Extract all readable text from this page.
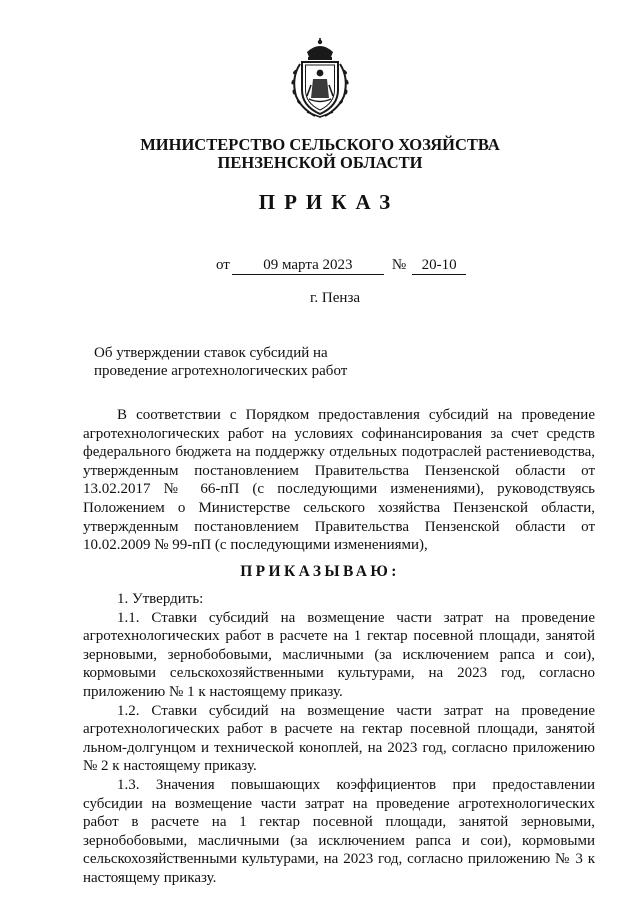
МИНИСТЕРСТВО СЕЛЬСКОГО ХОЗЯЙСТВА
ПЕНЗЕНСКОЙ ОБЛАСТИ
ПРИКАЗ
от 09 марта 2023	№ 20-10
г. Пенза
Об утверждении ставок субсидий на
проведение агротехнологических работ

В соответствии с Порядком предоставления субсидий на проведение агротехнологических работ на условиях софинансирования за счет средств федерального бюджета на поддержку отдельных подотраслей растениеводства, утвержденным постановлением Правительства Пензенской области от 13.02.2017 № 66-пП (с последующими изменениями), руководствуясь Положением о Министерстве сельского хозяйства Пензенской области, утвержденным постановлением Правительства Пензенской области от 10.02.2009 № 99-пП (с последующими изменениями),

ПРИКАЗЫВАЮ:

1. Утвердить:

1.1. Ставки субсидий на возмещение части затрат на проведение агротехнологических работ в расчете на 1 гектар посевной площади, занятой зерновыми, зернобобовыми, масличными (за исключением рапса и сои), кормовыми сельскохозяйственными культурами, на 2023 год, согласно приложению № 1 к настоящему приказу.

1.2. Ставки субсидий на возмещение части затрат на проведение агротехнологических работ в расчете на гектар посевной площади, занятой льном-долгунцом и технической коноплей, на 2023 год, согласно приложению № 2 к настоящему приказу.

1.3. Значения повышающих коэффициентов при предоставлении субсидии на возмещение части затрат на проведение агротехнологических работ в расчете на 1 гектар посевной площади, занятой зерновыми, зернобобовыми, масличными (за исключением рапса и сои), кормовыми сельскохозяйственными культурами, на 2023 год, согласно приложению № 3 к настоящему приказу.
